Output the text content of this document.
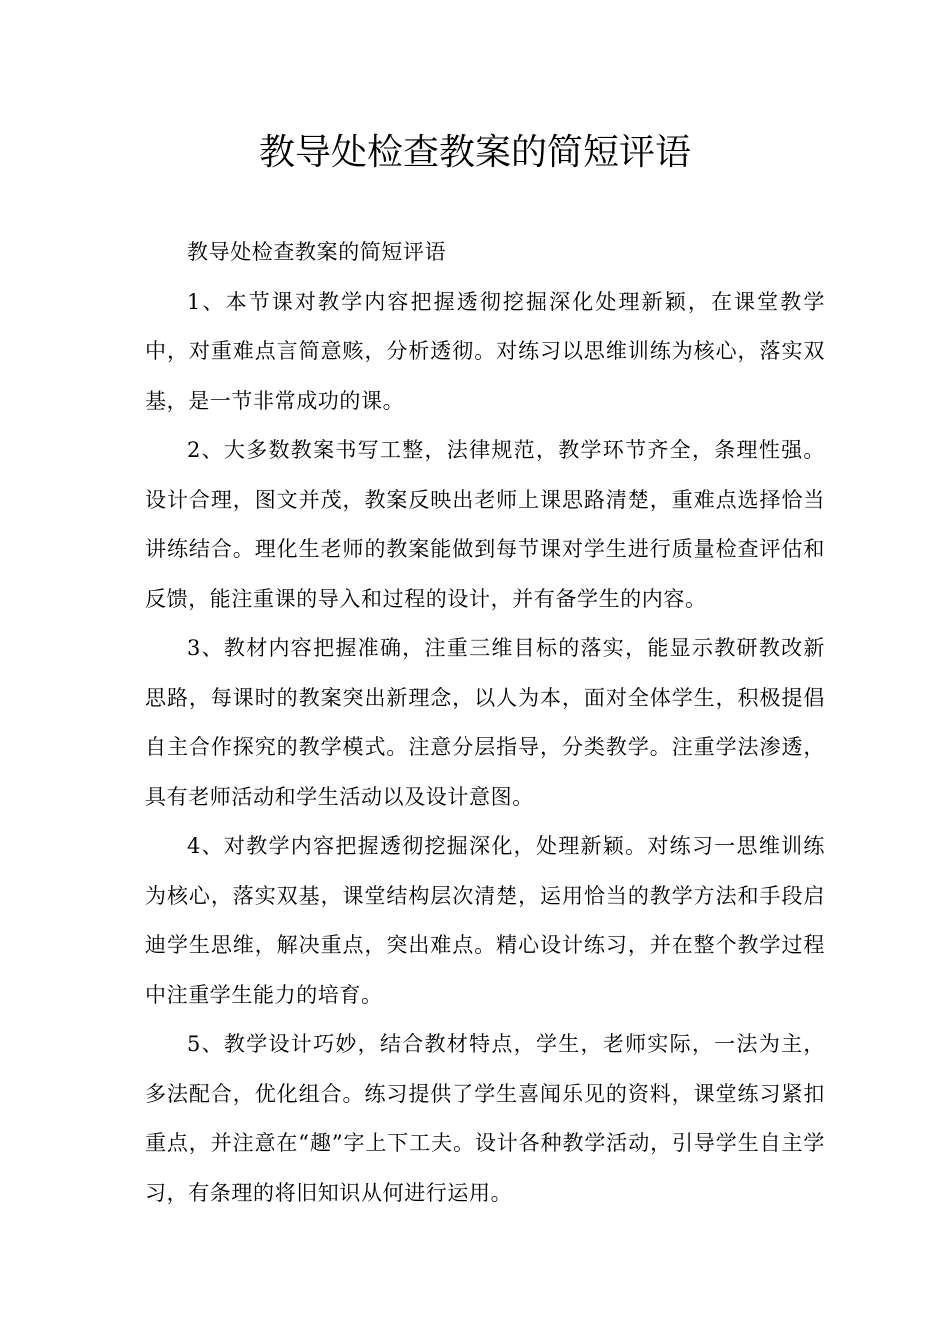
教导处检查教案的简短评语

教导处检查教案的简短评语

1、本节课对教学内容把握透彻挖掘深化处理新颖，在课堂教学中，对重难点言简意赅，分析透彻。对练习以思维训练为核心，落实双基，是一节非常成功的课。

2、大多数教案书写工整，法律规范，教学环节齐全，条理性强。设计合理，图文并茂，教案反映出老师上课思路清楚，重难点选择恰当讲练结合。理化生老师的教案能做到每节课对学生进行质量检查评估和反馈，能注重课的导入和过程的设计，并有备学生的内容。

3、教材内容把握准确，注重三维目标的落实，能显示教研教改新思路，每课时的教案突出新理念，以人为本，面对全体学生，积极提倡自主合作探究的教学模式。注意分层指导，分类教学。注重学法渗透，具有老师活动和学生活动以及设计意图。

4、对教学内容把握透彻挖掘深化，处理新颖。对练习一思维训练为核心，落实双基，课堂结构层次清楚，运用恰当的教学方法和手段启迪学生思维，解决重点，突出难点。精心设计练习，并在整个教学过程中注重学生能力的培育。

5、教学设计巧妙，结合教材特点，学生，老师实际，一法为主，多法配合，优化组合。练习提供了学生喜闻乐见的资料，课堂练习紧扣重点，并注意在“趣”字上下工夫。设计各种教学活动，引导学生自主学习，有条理的将旧知识从何进行运用。
